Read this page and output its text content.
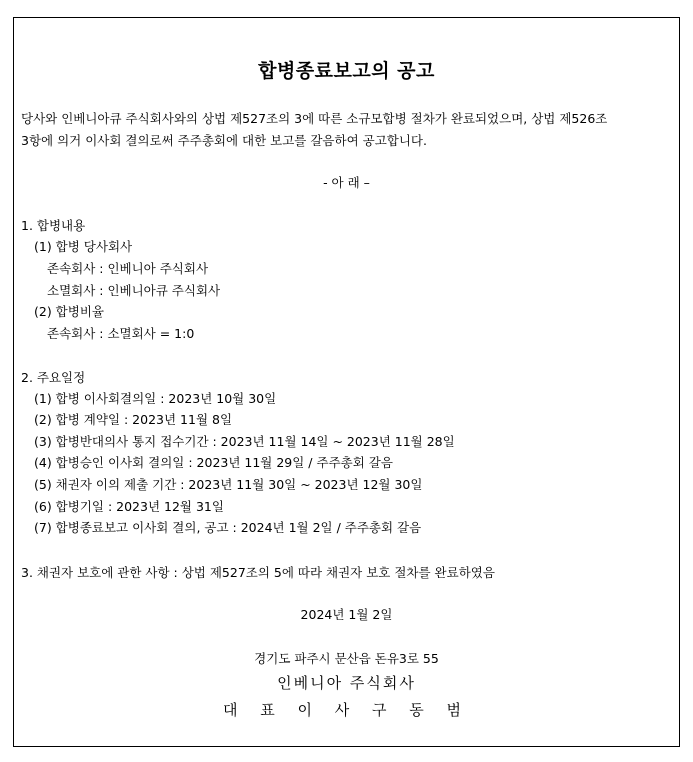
합병종료보고의 공고
당사와 인베니아큐 주식회사와의 상법 제527조의 3에 따른 소규모합병 절차가 완료되었으며, 상법 제526조
3항에 의거 이사회 결의로써 주주총회에 대한 보고를 갈음하여 공고합니다.
- 아 래 –
1. 합병내용
(1) 합병 당사회사
존속회사 : 인베니아 주식회사
소멸회사 : 인베니아큐 주식회사
(2) 합병비율
존속회사 : 소멸회사 = 1:0
2. 주요일정
(1) 합병 이사회결의일 : 2023년 10월 30일
(2) 합병 계약일 : 2023년 11월 8일
(3) 합병반대의사 통지 접수기간 : 2023년 11월 14일 ~ 2023년 11월 28일
(4) 합병승인 이사회 결의일 : 2023년 11월 29일 / 주주총회 갈음
(5) 채권자 이의 제출 기간 : 2023년 11월 30일 ~ 2023년 12월 30일
(6) 합병기일 : 2023년 12월 31일
(7) 합병종료보고 이사회 결의, 공고 : 2024년 1월 2일 / 주주총회 갈음
3. 채권자 보호에 관한 사항 : 상법 제527조의 5에 따라 채권자 보호 절차를 완료하였음
2024년 1월 2일
경기도 파주시 문산읍 돈유3로 55
인베니아 주식회사
대 표 이 사 구 동 범
